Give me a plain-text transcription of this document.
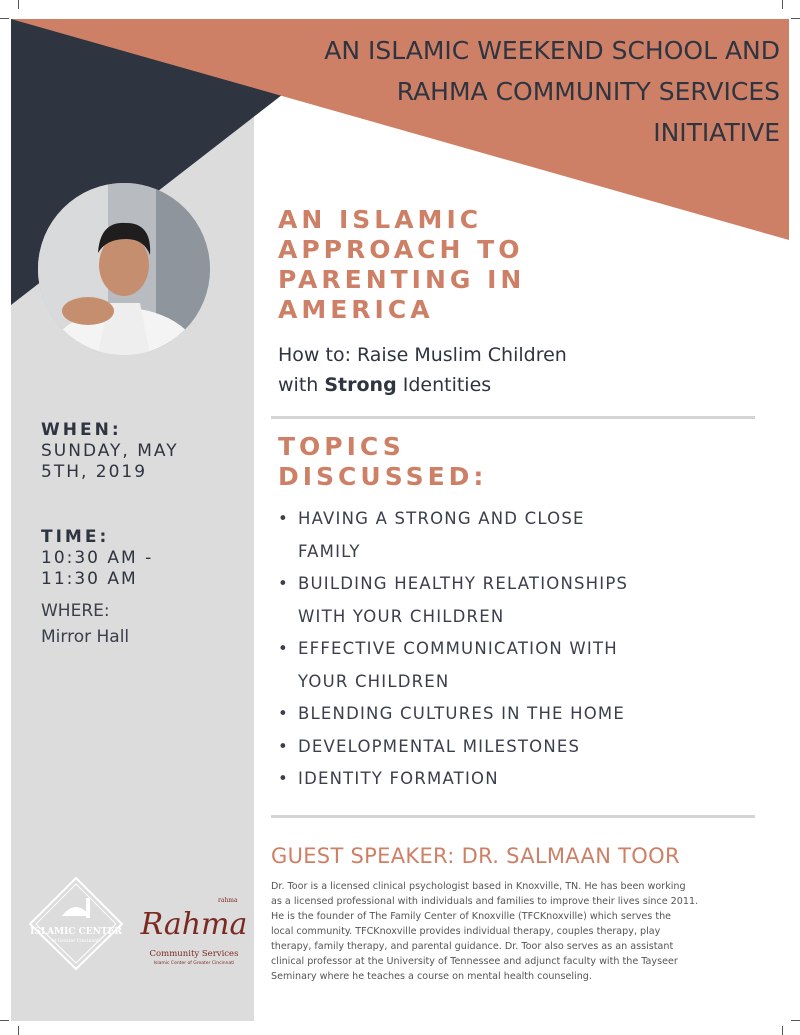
AN ISLAMIC WEEKEND SCHOOL AND
RAHMA COMMUNITY SERVICES
INITIATIVE
AN ISLAMIC
APPROACH TO
PARENTING IN
AMERICA
How to: Raise Muslim Children
with Strong Identities
TOPICS
DISCUSSED:
• HAVING A STRONG AND CLOSE
FAMILY
• BUILDING HEALTHY RELATIONSHIPS
WITH YOUR CHILDREN
• EFFECTIVE COMMUNICATION WITH
YOUR CHILDREN
• BLENDING CULTURES IN THE HOME
• DEVELOPMENTAL MILESTONES
• IDENTITY FORMATION
WHEN:
SUNDAY, MAY
5TH, 2019
TIME:
10:30 AM -
11:30 AM
WHERE:
Mirror Hall
GUEST SPEAKER: DR. SALMAAN TOOR
Dr. Toor is a licensed clinical psychologist based in Knoxville, TN. He has been working
as a licensed professional with individuals and families to improve their lives since 2011.
He is the founder of The Family Center of Knoxville (TFCKnoxville) which serves the
local community. TFCKnoxville provides individual therapy, couples therapy, play
therapy, family therapy, and parental guidance. Dr. Toor also serves as an assistant
clinical professor at the University of Tennessee and adjunct faculty with the Tayseer
Seminary where he teaches a course on mental health counseling.
ISLAMIC CENTER
of Greater Cincinnati
rahma
Rahma
Community Services
Islamic Center of Greater Cincinnati
